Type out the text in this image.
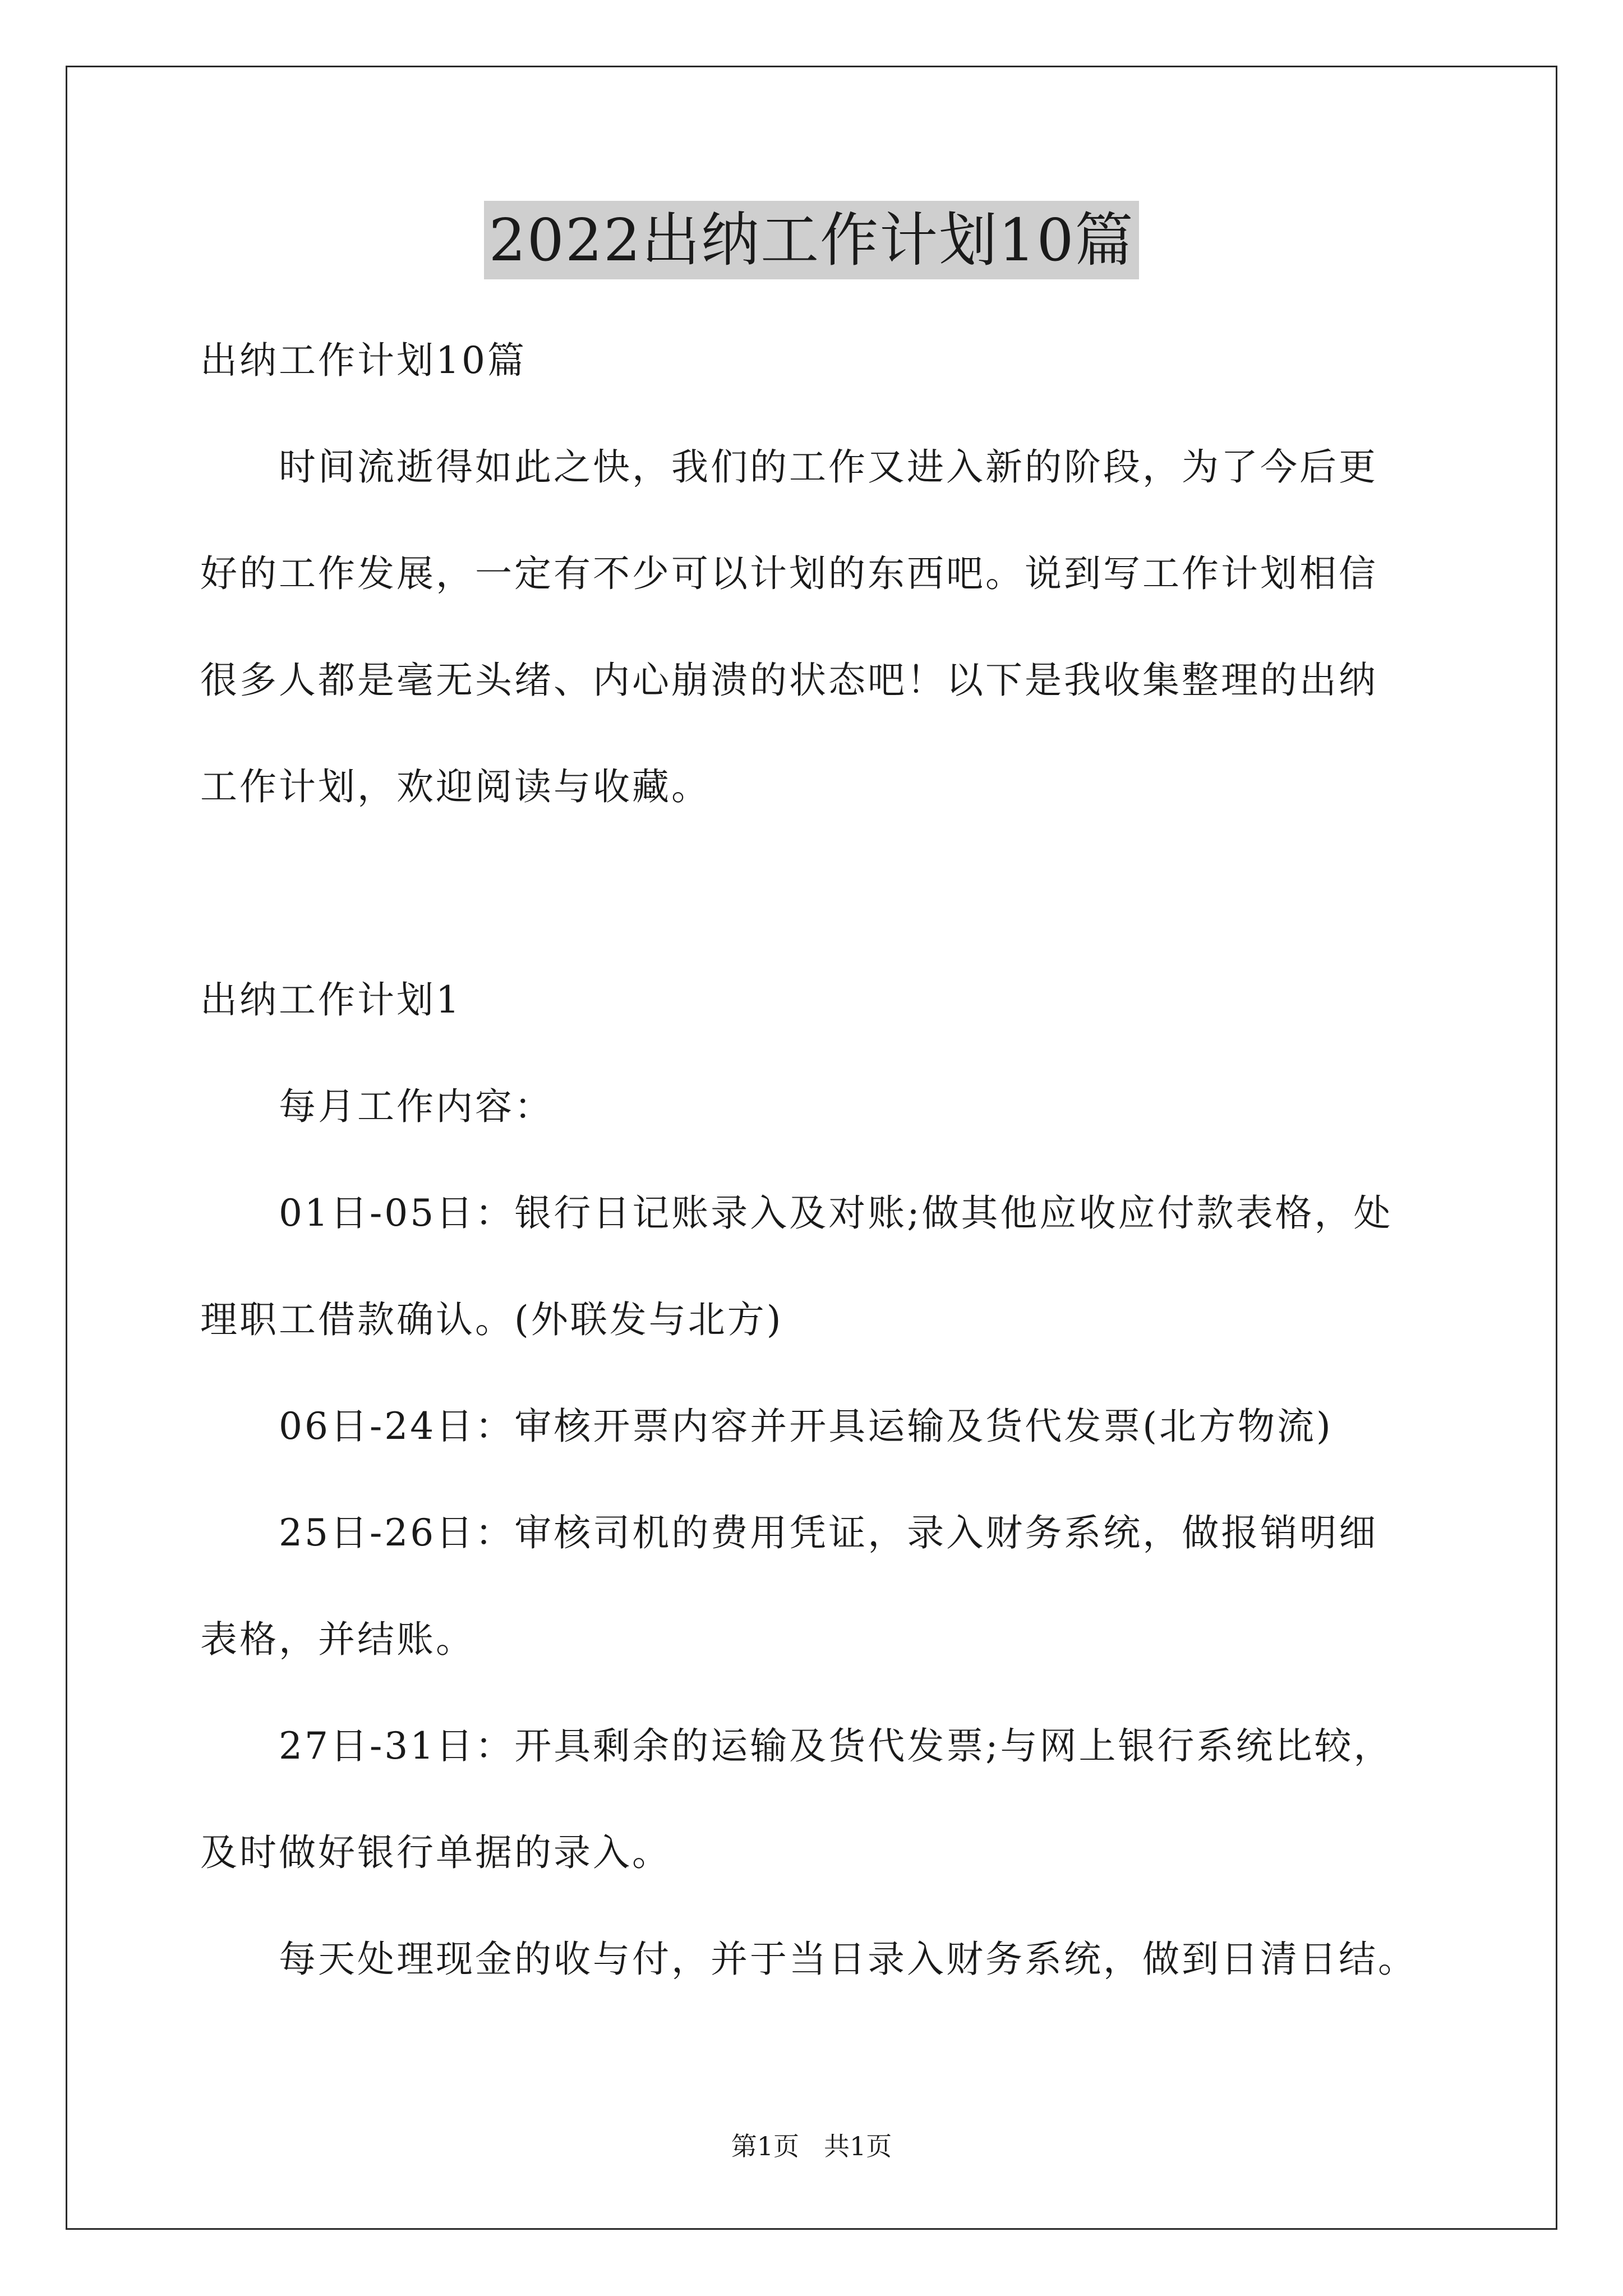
2022出纳工作计划10篇
出纳工作计划10篇
时间流逝得如此之快，我们的工作又进入新的阶段，为了今后更
好的工作发展，一定有不少可以计划的东西吧。说到写工作计划相信
很多人都是毫无头绪、内心崩溃的状态吧！以下是我收集整理的出纳
工作计划，欢迎阅读与收藏。
出纳工作计划1
每月工作内容：
01日-05日：银行日记账录入及对账;做其他应收应付款表格，处
理职工借款确认。(外联发与北方)
06日-24日：审核开票内容并开具运输及货代发票(北方物流)
25日-26日：审核司机的费用凭证，录入财务系统，做报销明细
表格，并结账。
27日-31日：开具剩余的运输及货代发票;与网上银行系统比较，
及时做好银行单据的录入。
每天处理现金的收与付，并于当日录入财务系统，做到日清日结。
第1页 共1页
